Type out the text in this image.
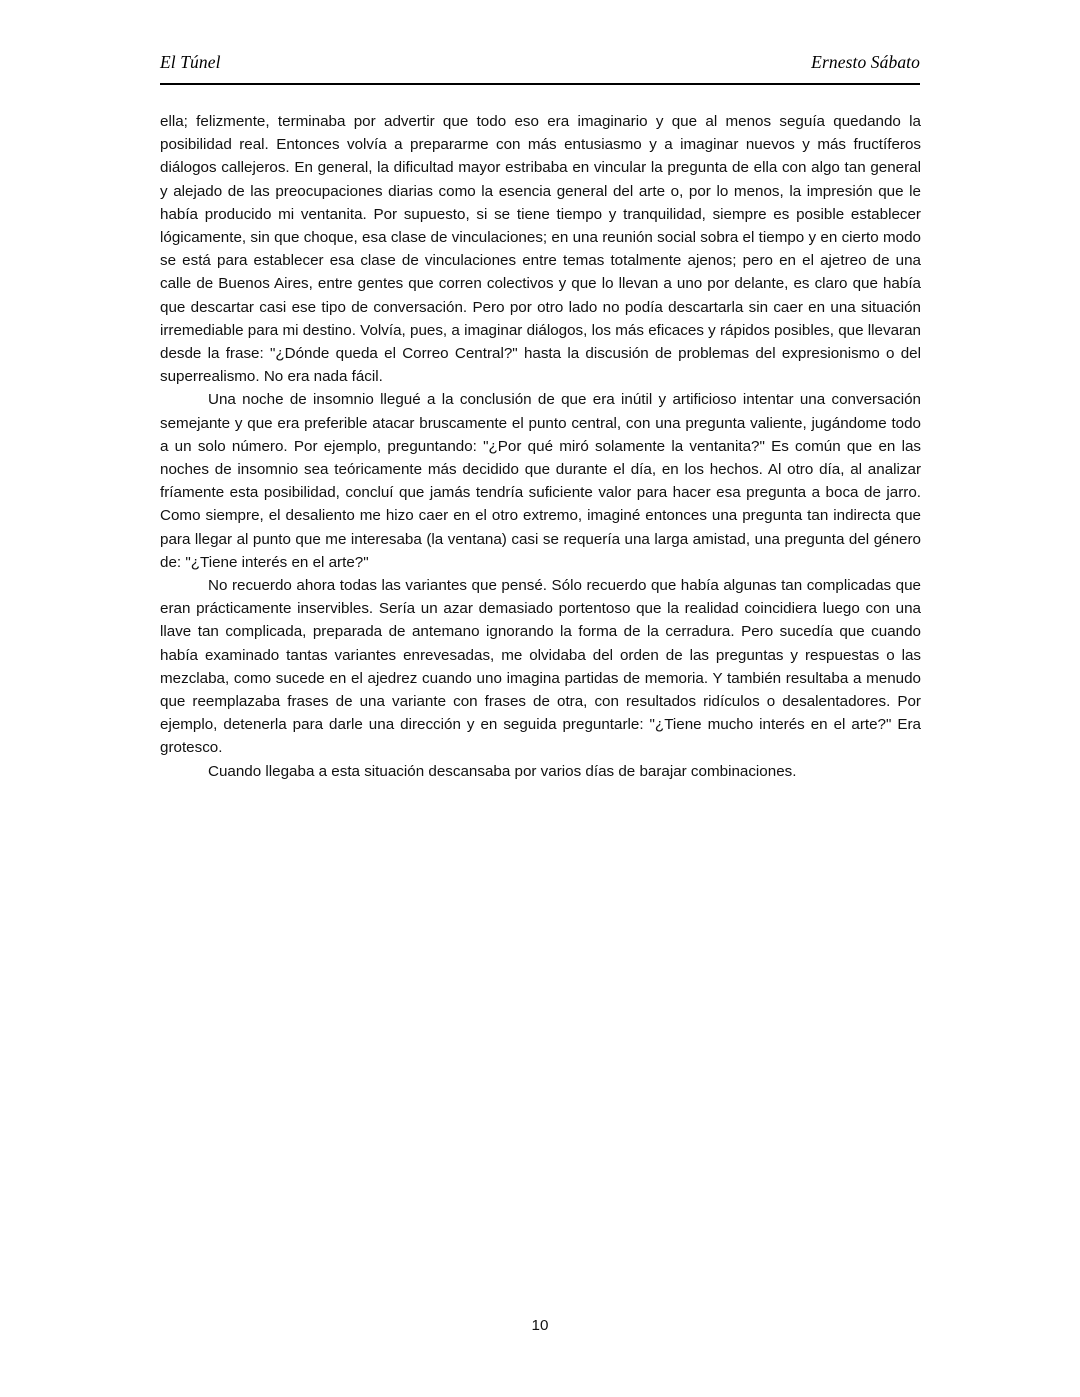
El Túnel	Ernesto Sábato

ella; felizmente, terminaba por advertir que todo eso era imaginario y que al menos seguía quedando la posibilidad real. Entonces volvía a prepararme con más entusiasmo y a imaginar nuevos y más fructíferos diálogos callejeros. En general, la dificultad mayor estribaba en vincular la pregunta de ella con algo tan general y alejado de las preocupaciones diarias como la esencia general del arte o, por lo menos, la impresión que le había producido mi ventanita. Por supuesto, si se tiene tiempo y tranquilidad, siempre es posible establecer lógicamente, sin que choque, esa clase de vinculaciones; en una reunión social sobra el tiempo y en cierto modo se está para establecer esa clase de vinculaciones entre temas totalmente ajenos; pero en el ajetreo de una calle de Buenos Aires, entre gentes que corren colectivos y que lo llevan a uno por delante, es claro que había que descartar casi ese tipo de conversación. Pero por otro lado no podía descartarla sin caer en una situación irremediable para mi destino. Volvía, pues, a imaginar diálogos, los más eficaces y rápidos posibles, que llevaran desde la frase: "¿Dónde queda el Correo Central?" hasta la discusión de problemas del expresionismo o del superrealismo. No era nada fácil.

Una noche de insomnio llegué a la conclusión de que era inútil y artificioso intentar una conversación semejante y que era preferible atacar bruscamente el punto central, con una pregunta valiente, jugándome todo a un solo número. Por ejemplo, preguntando: "¿Por qué miró solamente la ventanita?" Es común que en las noches de insomnio sea teóricamente más decidido que durante el día, en los hechos. Al otro día, al analizar fríamente esta posibilidad, concluí que jamás tendría suficiente valor para hacer esa pregunta a boca de jarro. Como siempre, el desaliento me hizo caer en el otro extremo, imaginé entonces una pregunta tan indirecta que para llegar al punto que me interesaba (la ventana) casi se requería una larga amistad, una pregunta del género de: "¿Tiene interés en el arte?"

No recuerdo ahora todas las variantes que pensé. Sólo recuerdo que había algunas tan complicadas que eran prácticamente inservibles. Sería un azar demasiado portentoso que la realidad coincidiera luego con una llave tan complicada, preparada de antemano ignorando la forma de la cerradura. Pero sucedía que cuando había examinado tantas variantes enrevesadas, me olvidaba del orden de las preguntas y respuestas o las mezclaba, como sucede en el ajedrez cuando uno imagina partidas de memoria. Y también resultaba a menudo que reemplazaba frases de una variante con frases de otra, con resultados ridículos o desalentadores. Por ejemplo, detenerla para darle una dirección y en seguida preguntarle: "¿Tiene mucho interés en el arte?" Era grotesco.

Cuando llegaba a esta situación descansaba por varios días de barajar combinaciones.

10
